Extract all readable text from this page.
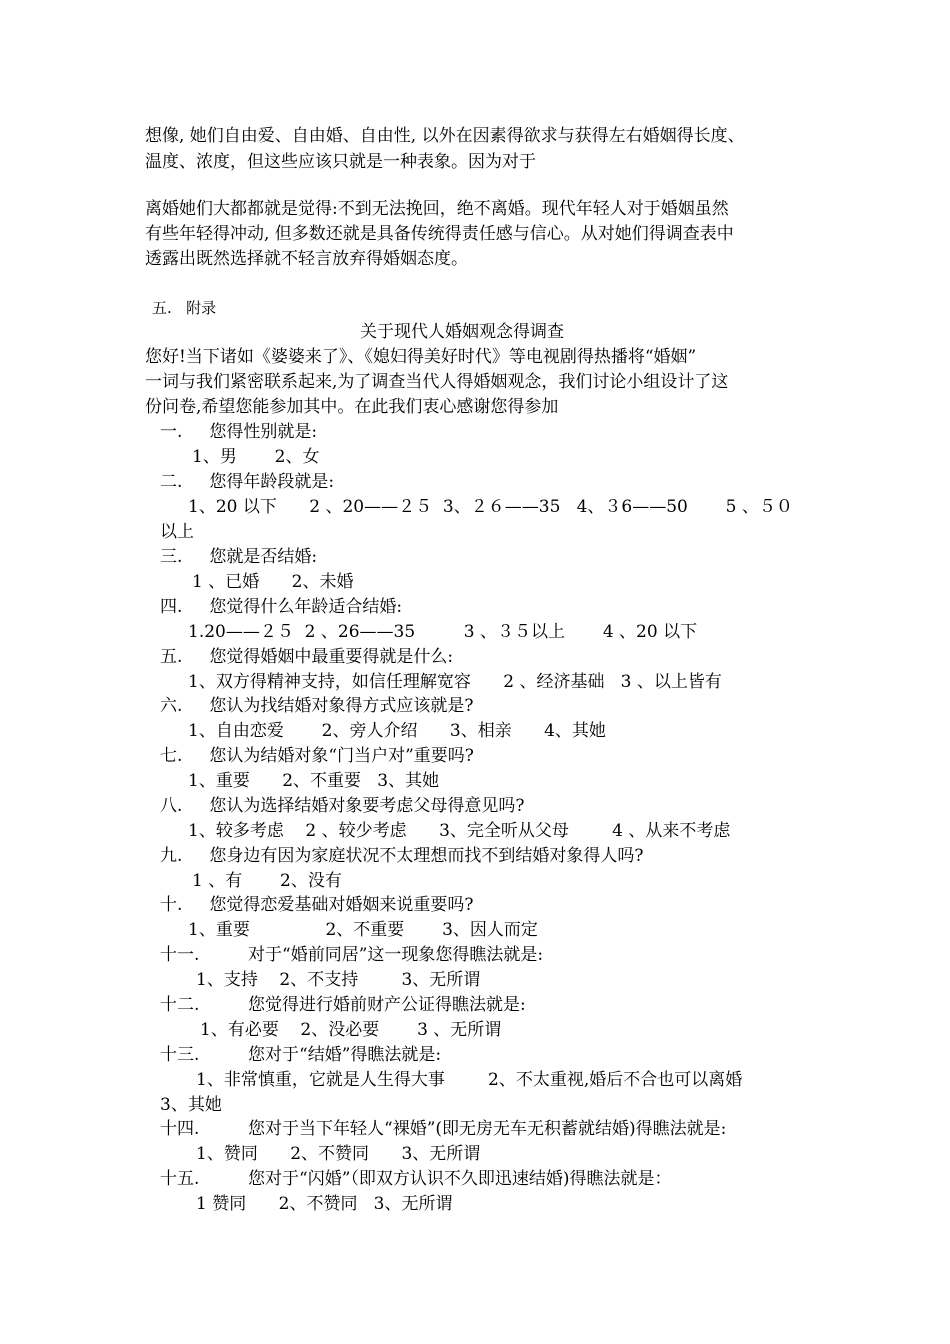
想像, 她们自由爱、自由婚、自由性, 以外在因素得欲求与获得左右婚姻得长度、
温度、浓度，但这些应该只就是一种表象。因为对于
离婚她们大都都就是觉得:不到无法挽回，绝不离婚。现代年轻人对于婚姻虽然
有些年轻得冲动, 但多数还就是具备传统得责任感与信心。从对她们得调查表中
透露出既然选择就不轻言放弃得婚姻态度。
五.   附录
关于现代人婚姻观念得调查
您好!当下诸如《婆婆来了》、《媳妇得美好时代》等电视剧得热播将“婚姻”
一词与我们紧密联系起来,为了调查当代人得婚姻观念，我们讨论小组设计了这
份问卷,希望您能参加其中。在此我们衷心感谢您得参加
一.     您得性别就是:
1、男       2、女
二.     您得年龄段就是:
1、20 以下      2 、20——２５  3、２６——35   4、３6——50       5 、５０
以上
三.     您就是否结婚:
1 、已婚      2、未婚
四.     您觉得什么年龄适合结婚:
1.20——２５  2 、26——35         3 、３５以上       4 、20 以下
五.     您觉得婚姻中最重要得就是什么:
1、双方得精神支持，如信任理解宽容      2 、经济基础   3 、以上皆有
六.     您认为找结婚对象得方式应该就是?
1、自由恋爱       2、旁人介绍      3、相亲      4、其她
七.     您认为结婚对象“门当户对”重要吗?
1、重要      2、不重要   3、其她
八.     您认为选择结婚对象要考虑父母得意见吗?
1、较多考虑    2 、较少考虑      3、完全听从父母        4 、从来不考虑
九.     您身边有因为家庭状况不太理想而找不到结婚对象得人吗?
1 、有       2、没有
十.     您觉得恋爱基础对婚姻来说重要吗?
1、重要              2、不重要       3、因人而定
十一.         对于“婚前同居”这一现象您得瞧法就是:
1、支持    2、不支持        3、无所谓
十二.         您觉得进行婚前财产公证得瞧法就是:
1、有必要    2、没必要       3 、无所谓
十三.         您对于“结婚”得瞧法就是:
1、非常慎重，它就是人生得大事        2、不太重视,婚后不合也可以离婚
3、其她
十四.         您对于当下年轻人“裸婚”(即无房无车无积蓄就结婚)得瞧法就是:
1、赞同      2、不赞同      3、无所谓
十五.         您对于“闪婚”（即双方认识不久即迅速结婚)得瞧法就是：
1 赞同      2、不赞同   3、无所谓
